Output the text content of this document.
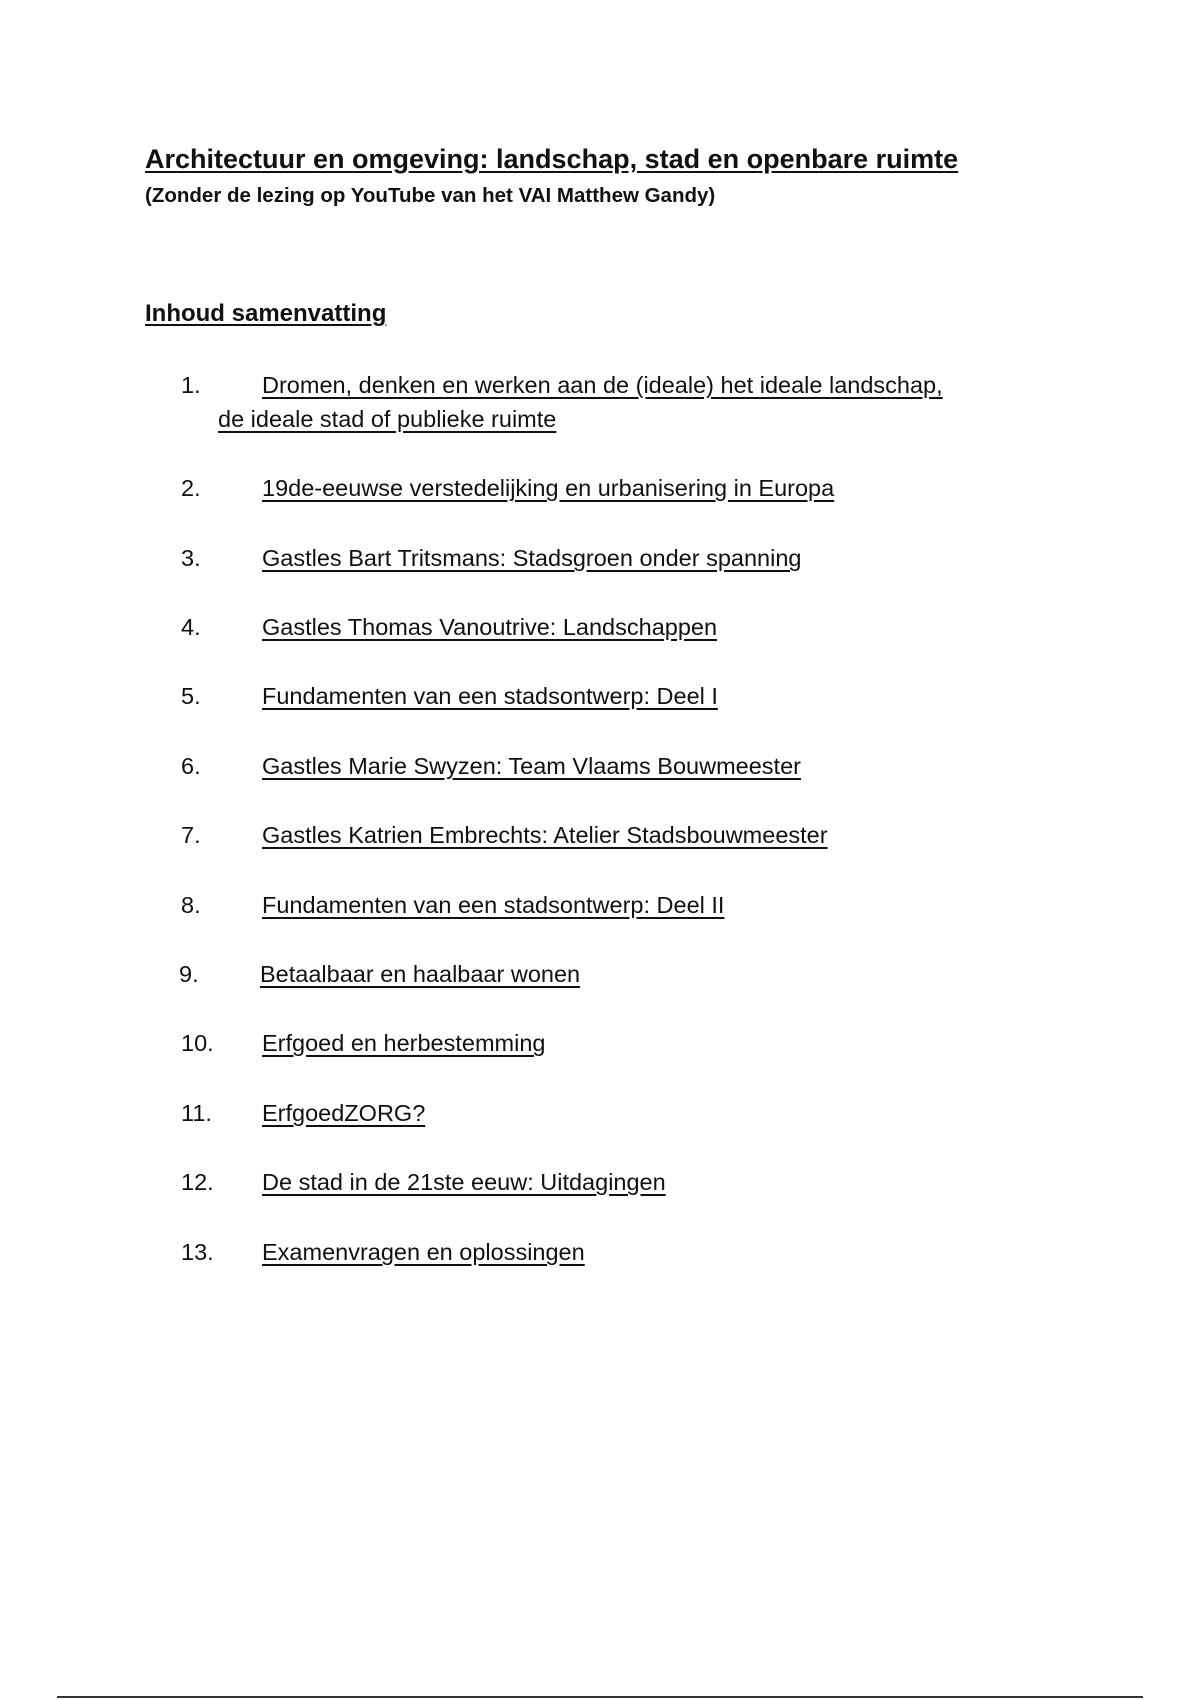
Architectuur en omgeving: landschap, stad en openbare ruimte
(Zonder de lezing op YouTube van het VAI Matthew Gandy)
Inhoud samenvatting
1.	Dromen, denken en werken aan de (ideale) het ideale landschap,
de ideale stad of publieke ruimte
2.	19de-eeuwse verstedelijking en urbanisering in Europa
3.	Gastles Bart Tritsmans: Stadsgroen onder spanning
4.	Gastles Thomas Vanoutrive: Landschappen
5.	Fundamenten van een stadsontwerp: Deel I
6.	Gastles Marie Swyzen: Team Vlaams Bouwmeester
7.	Gastles Katrien Embrechts: Atelier Stadsbouwmeester
8.	Fundamenten van een stadsontwerp: Deel II
9.	Betaalbaar en haalbaar wonen
10. Erfgoed en herbestemming
11. ErfgoedZORG?
12. De stad in de 21ste eeuw: Uitdagingen
13. Examenvragen en oplossingen
